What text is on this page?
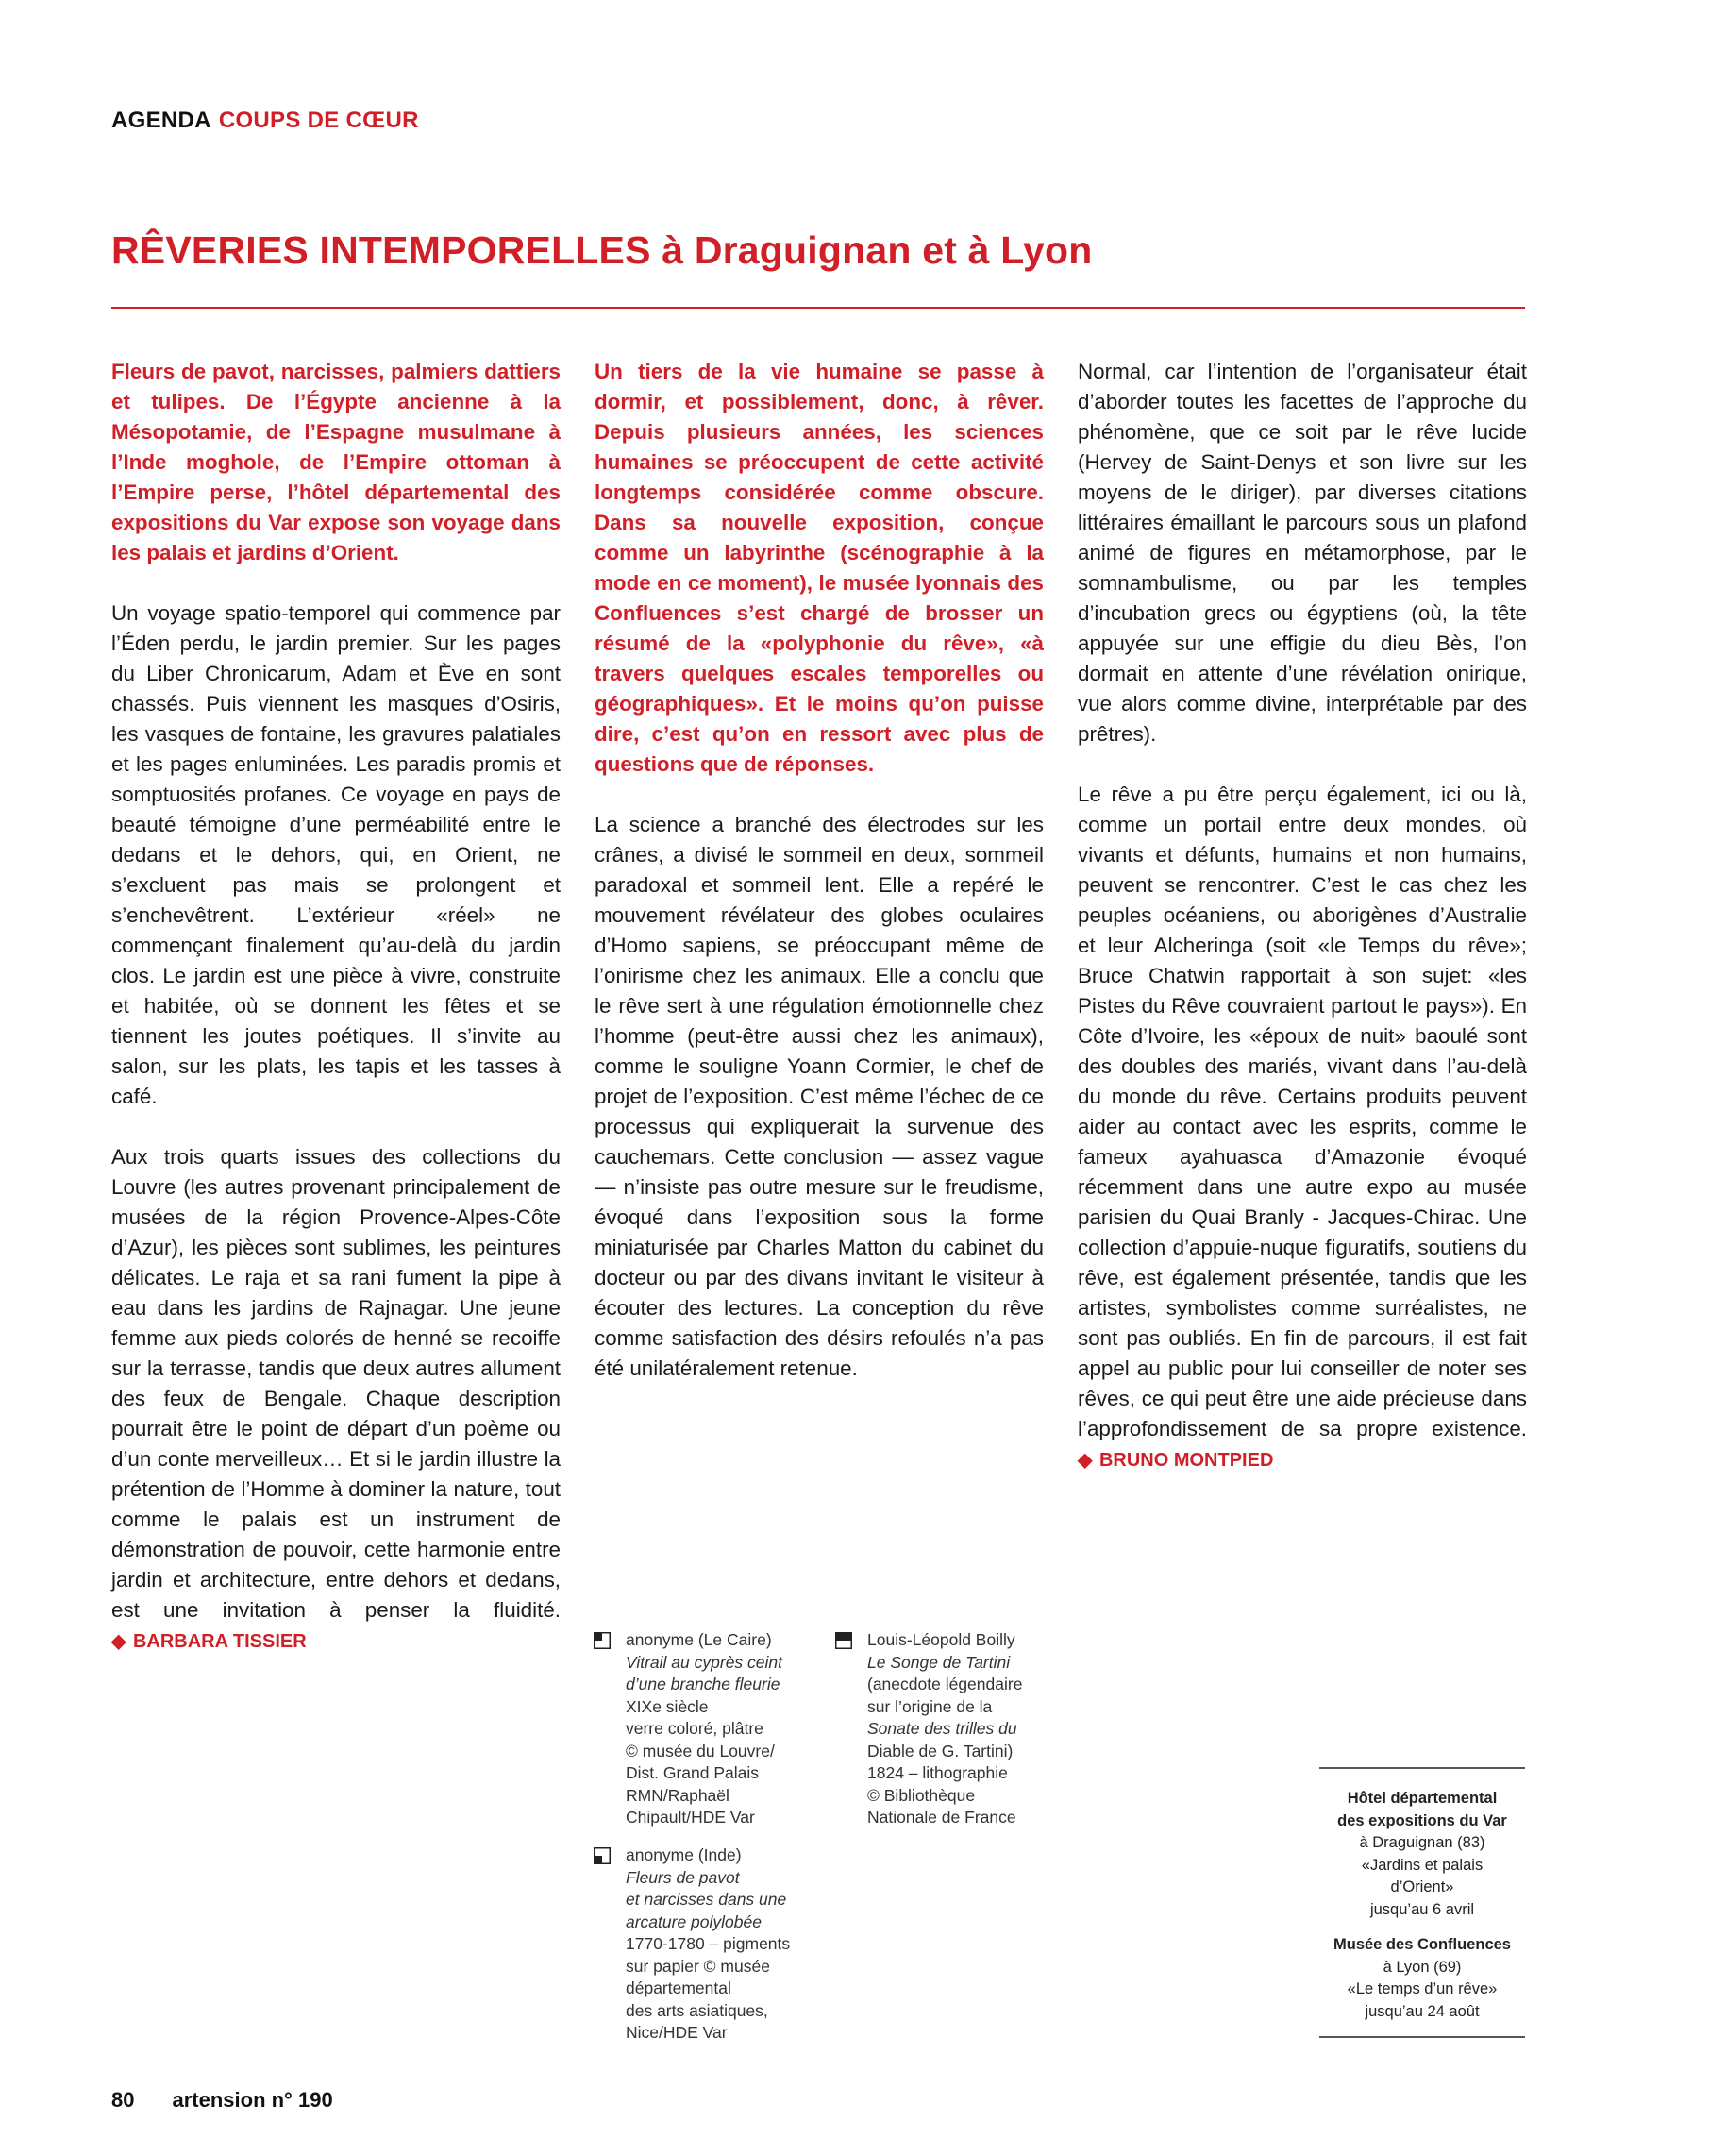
AGENDA COUPS DE CŒUR
RÊVERIES INTEMPORELLES à Draguignan et à Lyon

Fleurs de pavot, narcisses, palmiers dattiers et tulipes. De l’Égypte ancienne à la Mésopotamie, de l’Espagne musulmane à l’Inde moghole, de l’Empire ottoman à l’Empire perse, l’hôtel départemental des expositions du Var expose son voyage dans les palais et jardins d’Orient.

Un voyage spatio-temporel qui commence par l’Éden perdu, le jardin premier. Sur les pages du Liber Chronicarum, Adam et Ève en sont chassés. Puis viennent les masques d’Osiris, les vasques de fontaine, les gravures palatiales et les pages enluminées. Les paradis promis et somptuosités profanes. Ce voyage en pays de beauté témoigne d’une perméabilité entre le dedans et le dehors, qui, en Orient, ne s’excluent pas mais se prolongent et s’enchevêtrent. L’extérieur «réel» ne commençant finalement qu’au-delà du jardin clos. Le jardin est une pièce à vivre, construite et habitée, où se donnent les fêtes et se tiennent les joutes poétiques. Il s’invite au salon, sur les plats, les tapis et les tasses à café.

Aux trois quarts issues des collections du Louvre (les autres provenant principalement de musées de la région Provence-Alpes-Côte d’Azur), les pièces sont sublimes, les peintures délicates. Le raja et sa rani fument la pipe à eau dans les jardins de Rajnagar. Une jeune femme aux pieds colorés de henné se recoiffe sur la terrasse, tandis que deux autres allument des feux de Bengale. Chaque description pourrait être le point de départ d’un poème ou d’un conte merveilleux… Et si le jardin illustre la prétention de l’Homme à dominer la nature, tout comme le palais est un instrument de démonstration de pouvoir, cette harmonie entre jardin et architecture, entre dehors et dedans, est une invitation à penser la fluidité. ◆ BARBARA TISSIER

Un tiers de la vie humaine se passe à dormir, et possiblement, donc, à rêver. Depuis plusieurs années, les sciences humaines se préoccupent de cette activité longtemps considérée comme obscure. Dans sa nouvelle exposition, conçue comme un labyrinthe (scénographie à la mode en ce moment), le musée lyonnais des Confluences s’est chargé de brosser un résumé de la «polyphonie du rêve», «à travers quelques escales temporelles ou géographiques». Et le moins qu’on puisse dire, c’est qu’on en ressort avec plus de questions que de réponses.

La science a branché des électrodes sur les crânes, a divisé le sommeil en deux, sommeil paradoxal et sommeil lent. Elle a repéré le mouvement révélateur des globes oculaires d’Homo sapiens, se préoccupant même de l’onirisme chez les animaux. Elle a conclu que le rêve sert à une régulation émotionnelle chez l’homme (peut-être aussi chez les animaux), comme le souligne Yoann Cormier, le chef de projet de l’exposition. C’est même l’échec de ce processus qui expliquerait la survenue des cauchemars. Cette conclusion — assez vague — n’insiste pas outre mesure sur le freudisme, évoqué dans l’exposition sous la forme miniaturisée par Charles Matton du cabinet du docteur ou par des divans invitant le visiteur à écouter des lectures. La conception du rêve comme satisfaction des désirs refoulés n’a pas été unilatéralement retenue.

Normal, car l’intention de l’organisateur était d’aborder toutes les facettes de l’approche du phénomène, que ce soit par le rêve lucide (Hervey de Saint-Denys et son livre sur les moyens de le diriger), par diverses citations littéraires émaillant le parcours sous un plafond animé de figures en métamorphose, par le somnambulisme, ou par les temples d’incubation grecs ou égyptiens (où, la tête appuyée sur une effigie du dieu Bès, l’on dormait en attente d’une révélation onirique, vue alors comme divine, interprétable par des prêtres).

Le rêve a pu être perçu également, ici ou là, comme un portail entre deux mondes, où vivants et défunts, humains et non humains, peuvent se rencontrer. C’est le cas chez les peuples océaniens, ou aborigènes d’Australie et leur Alcheringa (soit «le Temps du rêve»; Bruce Chatwin rapportait à son sujet: «les Pistes du Rêve couvraient partout le pays»). En Côte d’Ivoire, les «époux de nuit» baoulé sont des doubles des mariés, vivant dans l’au-delà du monde du rêve. Certains produits peuvent aider au contact avec les esprits, comme le fameux ayahuasca d’Amazonie évoqué récemment dans une autre expo au musée parisien du Quai Branly - Jacques-Chirac. Une collection d’appuie-nuque figuratifs, soutiens du rêve, est également présentée, tandis que les artistes, symbolistes comme surréalistes, ne sont pas oubliés. En fin de parcours, il est fait appel au public pour lui conseiller de noter ses rêves, ce qui peut être une aide précieuse dans l’approfondissement de sa propre existence. ◆ BRUNO MONTPIED

anonyme (Le Caire)
Vitrail au cyprès ceint
d’une branche fleurie
XIXe siècle
verre coloré, plâtre
© musée du Louvre/
Dist. Grand Palais
RMN/Raphaël
Chipault/HDE Var
anonyme (Inde)
Fleurs de pavot
et narcisses dans une
arcature polylobée
1770-1780 – pigments
sur papier © musée
départemental
des arts asiatiques,
Nice/HDE Var
Louis-Léopold Boilly
Le Songe de Tartini
(anecdote légendaire
sur l’origine de la
Sonate des trilles du
Diable de G. Tartini)
1824 – lithographie
© Bibliothèque
Nationale de France
Hôtel départemental
des expositions du Var
à Draguignan (83)
«Jardins et palais
d’Orient»
jusqu’au 6 avril
Musée des Confluences
à Lyon (69)
«Le temps d’un rêve»
jusqu’au 24 août
80 artension n° 190
